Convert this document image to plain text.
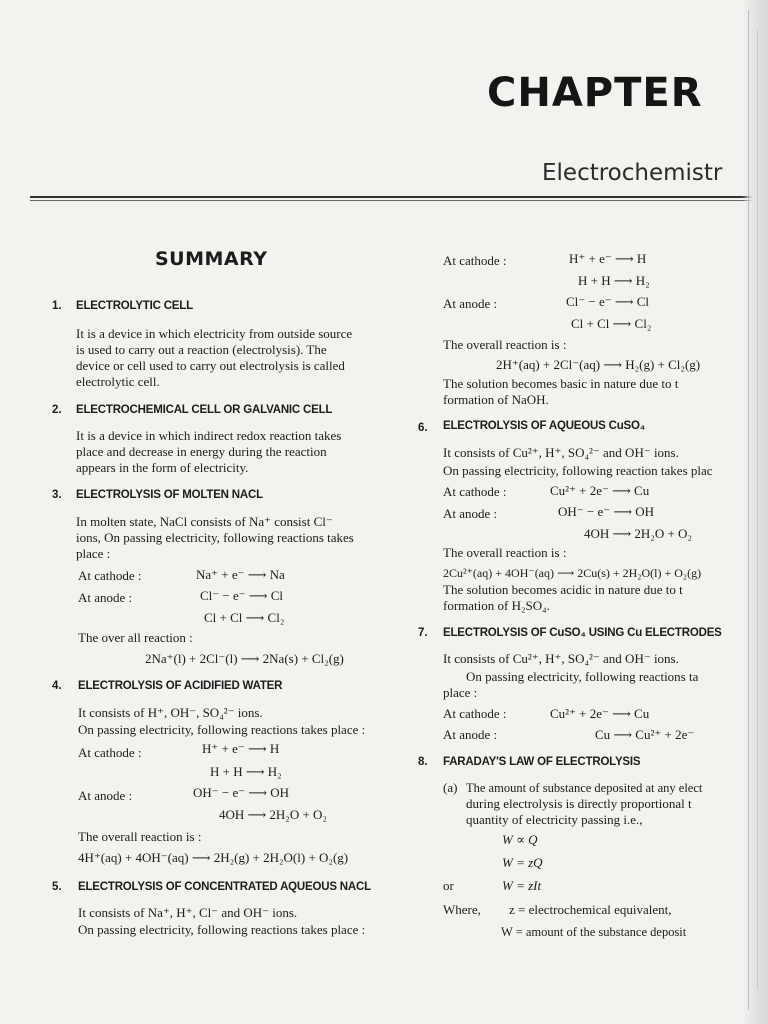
CHAPTER
Electrochemistr
SUMMARY
1. ELECTROLYTIC CELL
It is a device in which electricity from outside source
is used to carry out a reaction (electrolysis). The
device or cell used to carry out electrolysis is called
electrolytic cell.
2. ELECTROCHEMICAL CELL OR GALVANIC CELL
It is a device in which indirect redox reaction takes
place and decrease in energy during the reaction
appears in the form of electricity.
3. ELECTROLYSIS OF MOLTEN NACL
In molten state, NaCl consists of Na⁺ consist Cl⁻
ions, On passing electricity, following reactions takes
place :
At cathode :	Na⁺ + e⁻ ⟶ Na
At anode :	Cl⁻ − e⁻ ⟶ Cl
Cl + Cl ⟶ Cl₂
The over all reaction :
2Na⁺(l) + 2Cl⁻(l) ⟶ 2Na(s) + Cl₂(g)
4. ELECTROLYSIS OF ACIDIFIED WATER
It consists of H⁺, OH⁻, SO₄²⁻ ions.
On passing electricity, following reactions takes place :
At cathode :	H⁺ + e⁻ ⟶ H
H + H ⟶ H₂
At anode :	OH⁻ − e⁻ ⟶ OH
4OH ⟶ 2H₂O + O₂
The overall reaction is :
4H⁺(aq) + 4OH⁻(aq) ⟶ 2H₂(g) + 2H₂O(l) + O₂(g)
5. ELECTROLYSIS OF CONCENTRATED AQUEOUS NACL
It consists of Na⁺, H⁺, Cl⁻ and OH⁻ ions.
On passing electricity, following reactions takes place :
At cathode :	H⁺ + e⁻ ⟶ H
H + H ⟶ H₂
At anode :	Cl⁻ − e⁻ ⟶ Cl
Cl + Cl ⟶ Cl₂
The overall reaction is :
2H⁺(aq) + 2Cl⁻(aq) ⟶ H₂(g) + Cl₂(g)
The solution becomes basic in nature due to t
formation of NaOH.
6. ELECTROLYSIS OF AQUEOUS CuSO₄
It consists of Cu²⁺, H⁺, SO₄²⁻ and OH⁻ ions.
On passing electricity, following reaction takes plac
At cathode :	Cu²⁺ + 2e⁻ ⟶ Cu
At anode :	OH⁻ − e⁻ ⟶ OH
4OH ⟶ 2H₂O + O₂
The overall reaction is :
2Cu²⁺(aq) + 4OH⁻(aq) ⟶ 2Cu(s) + 2H₂O(l) + O₂(g)
The solution becomes acidic in nature due to t
formation of H₂SO₄.
7. ELECTROLYSIS OF CuSO₄ USING Cu ELECTRODES
It consists of Cu²⁺, H⁺, SO₄²⁻ and OH⁻ ions.
On passing electricity, following reactions ta
place :
At cathode :	Cu²⁺ + 2e⁻ ⟶ Cu
At anode :	Cu ⟶ Cu²⁺ + 2e⁻
8. FARADAY'S LAW OF ELECTROLYSIS
(a) The amount of substance deposited at any elect
during electrolysis is directly proportional t
quantity of electricity passing i.e.,
W ∝ Q
W = zQ
or	W = zIt
Where, z = electrochemical equivalent,
W = amount of the substance deposit
